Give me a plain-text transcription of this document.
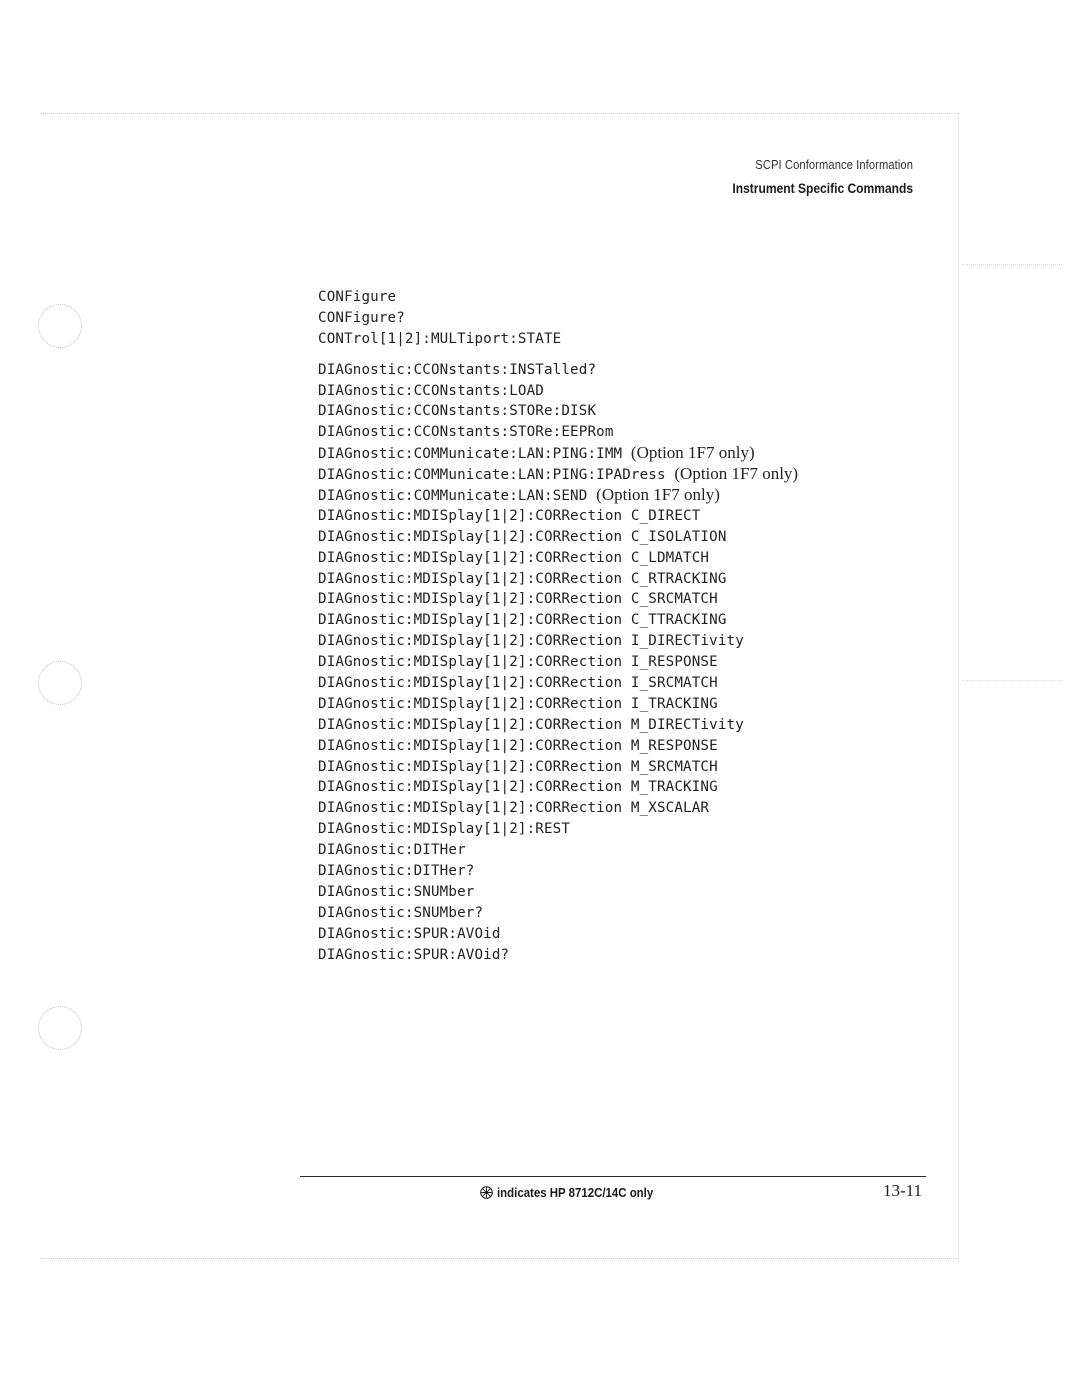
SCPI Conformance Information
Instrument Specific Commands
CONFigure
CONFigure?
CONTrol[1|2]:MULTiport:STATE
DIAGnostic:CCONstants:INSTalled?
DIAGnostic:CCONstants:LOAD
DIAGnostic:CCONstants:STORe:DISK
DIAGnostic:CCONstants:STORe:EEPRom
DIAGnostic:COMMunicate:LAN:PING:IMM (Option 1F7 only)
DIAGnostic:COMMunicate:LAN:PING:IPADress (Option 1F7 only)
DIAGnostic:COMMunicate:LAN:SEND (Option 1F7 only)
DIAGnostic:MDISplay[1|2]:CORRection C_DIRECT
DIAGnostic:MDISplay[1|2]:CORRection C_ISOLATION
DIAGnostic:MDISplay[1|2]:CORRection C_LDMATCH
DIAGnostic:MDISplay[1|2]:CORRection C_RTRACKING
DIAGnostic:MDISplay[1|2]:CORRection C_SRCMATCH
DIAGnostic:MDISplay[1|2]:CORRection C_TTRACKING
DIAGnostic:MDISplay[1|2]:CORRection I_DIRECTivity
DIAGnostic:MDISplay[1|2]:CORRection I_RESPONSE
DIAGnostic:MDISplay[1|2]:CORRection I_SRCMATCH
DIAGnostic:MDISplay[1|2]:CORRection I_TRACKING
DIAGnostic:MDISplay[1|2]:CORRection M_DIRECTivity
DIAGnostic:MDISplay[1|2]:CORRection M_RESPONSE
DIAGnostic:MDISplay[1|2]:CORRection M_SRCMATCH
DIAGnostic:MDISplay[1|2]:CORRection M_TRACKING
DIAGnostic:MDISplay[1|2]:CORRection M_XSCALAR
DIAGnostic:MDISplay[1|2]:REST
DIAGnostic:DITHer
DIAGnostic:DITHer?
DIAGnostic:SNUMber
DIAGnostic:SNUMber?
DIAGnostic:SPUR:AVOid
DIAGnostic:SPUR:AVOid?
indicates HP 8712C/14C only	13-11
